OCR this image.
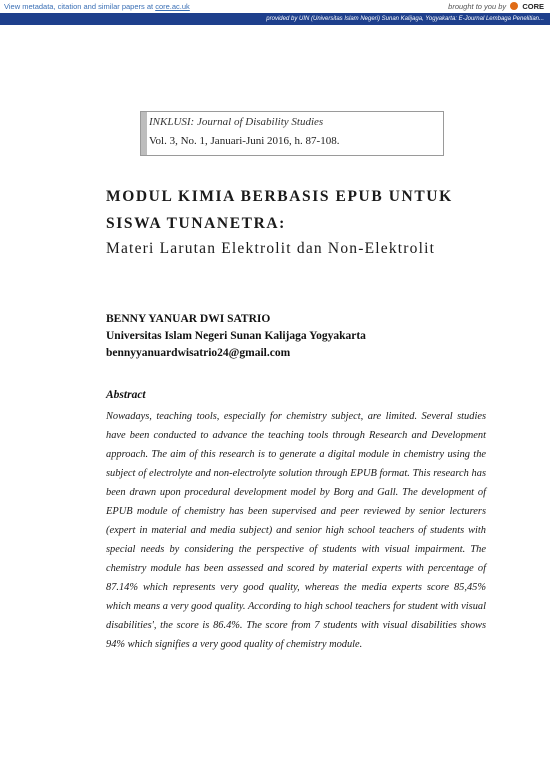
View metadata, citation and similar papers at core.ac.uk	brought to you by CORE
provided by UIN (Universitas Islam Negeri) Sunan Kalijaga, Yogyakarta: E-Journal Lembaga Penelitian...
INKLUSI: Journal of Disability Studies
Vol. 3, No. 1, Januari-Juni 2016, h. 87-108.
MODUL KIMIA BERBASIS EPUB UNTUK SISWA TUNANETRA:
Materi Larutan Elektrolit dan Non-Elektrolit
BENNY YANUAR DWI SATRIO
Universitas Islam Negeri Sunan Kalijaga Yogyakarta
bennyyanuardwisatrio24@gmail.com
Abstract
Nowadays, teaching tools, especially for chemistry subject, are limited. Several studies have been conducted to advance the teaching tools through Research and Development approach. The aim of this research is to generate a digital module in chemistry using the subject of electrolyte and non-electrolyte solution through EPUB format. This research has been drawn upon procedural development model by Borg and Gall. The development of EPUB module of chemistry has been supervised and peer reviewed by senior lecturers (expert in material and media subject) and senior high school teachers of students with special needs by considering the perspective of students with visual impairment. The chemistry module has been assessed and scored by material experts with percentage of 87.14% which represents very good quality, whereas the media experts score 85,45% which means a very good quality. According to high school teachers for student with visual disabilities', the score is 86.4%. The score from 7 students with visual disabilities shows 94% which signifies a very good quality of chemistry module.
